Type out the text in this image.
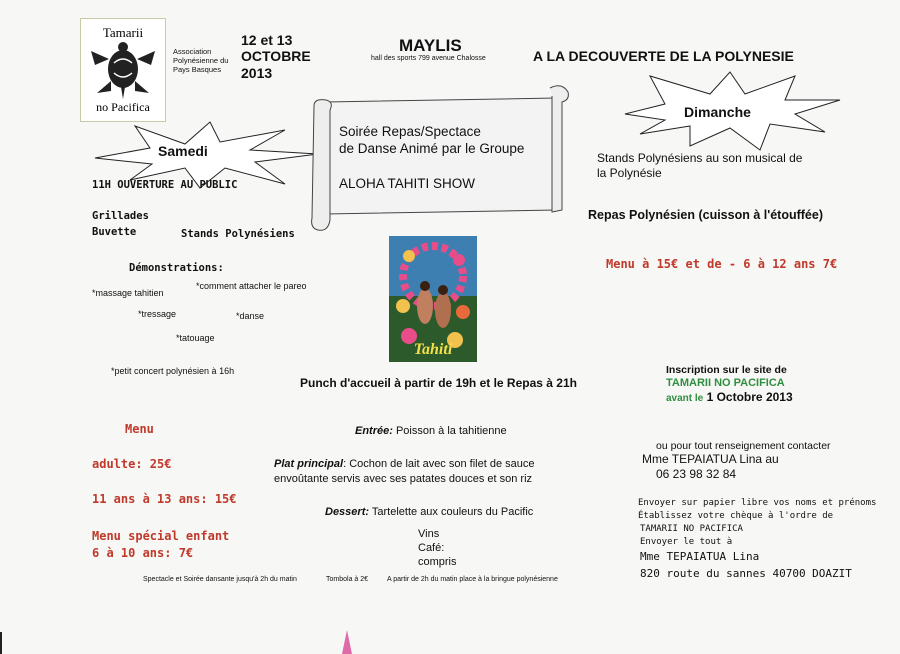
Tamarii
no Pacifica
Association Polynésienne du Pays Basques
12 et 13
OCTOBRE
2013
MAYLIS
hall des sports 799 avenue Chalosse	A LA DECOUVERTE DE LA POLYNESIE
Samedi
Dimanche
Soirée Repas/Spectace
de Danse Animé par le Groupe
ALOHA TAHITI SHOW
Tahiti
11H OUVERTURE AU PUBLIC
Grillades
Buvette	Stands Polynésiens
Démonstrations:
*massage tahitien
*comment attacher le pareo
*tressage	*danse
*tatouage
*petit concert polynésien à 16h
Stands Polynésiens au son musical de
la Polynésie
Repas Polynésien (cuisson à l'étouffée)
Menu à 15€ et de - 6 à 12 ans 7€
Inscription sur le site de
TAMARII NO PACIFICA
avant le 1 Octobre 2013
Punch d'accueil à partir de 19h et le Repas à 21h
Menu
adulte: 25€
11 ans à 13 ans: 15€
Menu spécial enfant
6 à 10 ans: 7€
Entrée: Poisson à la tahitienne
Plat principal: Cochon de lait avec son filet de sauce
envoûtante servis avec ses patates douces et son riz
Dessert: Tartelette aux couleurs du Pacific
Vins
Café:
compris
ou pour tout renseignement contacter
Mme TEPAIATUA Lina au
06 23 98 32 84
Envoyer sur papier libre vos noms et prénoms
Établissez votre chèque à l'ordre de
TAMARII NO PACIFICA
Envoyer le tout à
Mme TEPAIATUA Lina
820 route du sannes 40700 DOAZIT
Spectacle et Soirée dansante jusqu'à 2h du matin	Tombola à 2€	A partir de 2h du matin place à la bringue polynésienne
